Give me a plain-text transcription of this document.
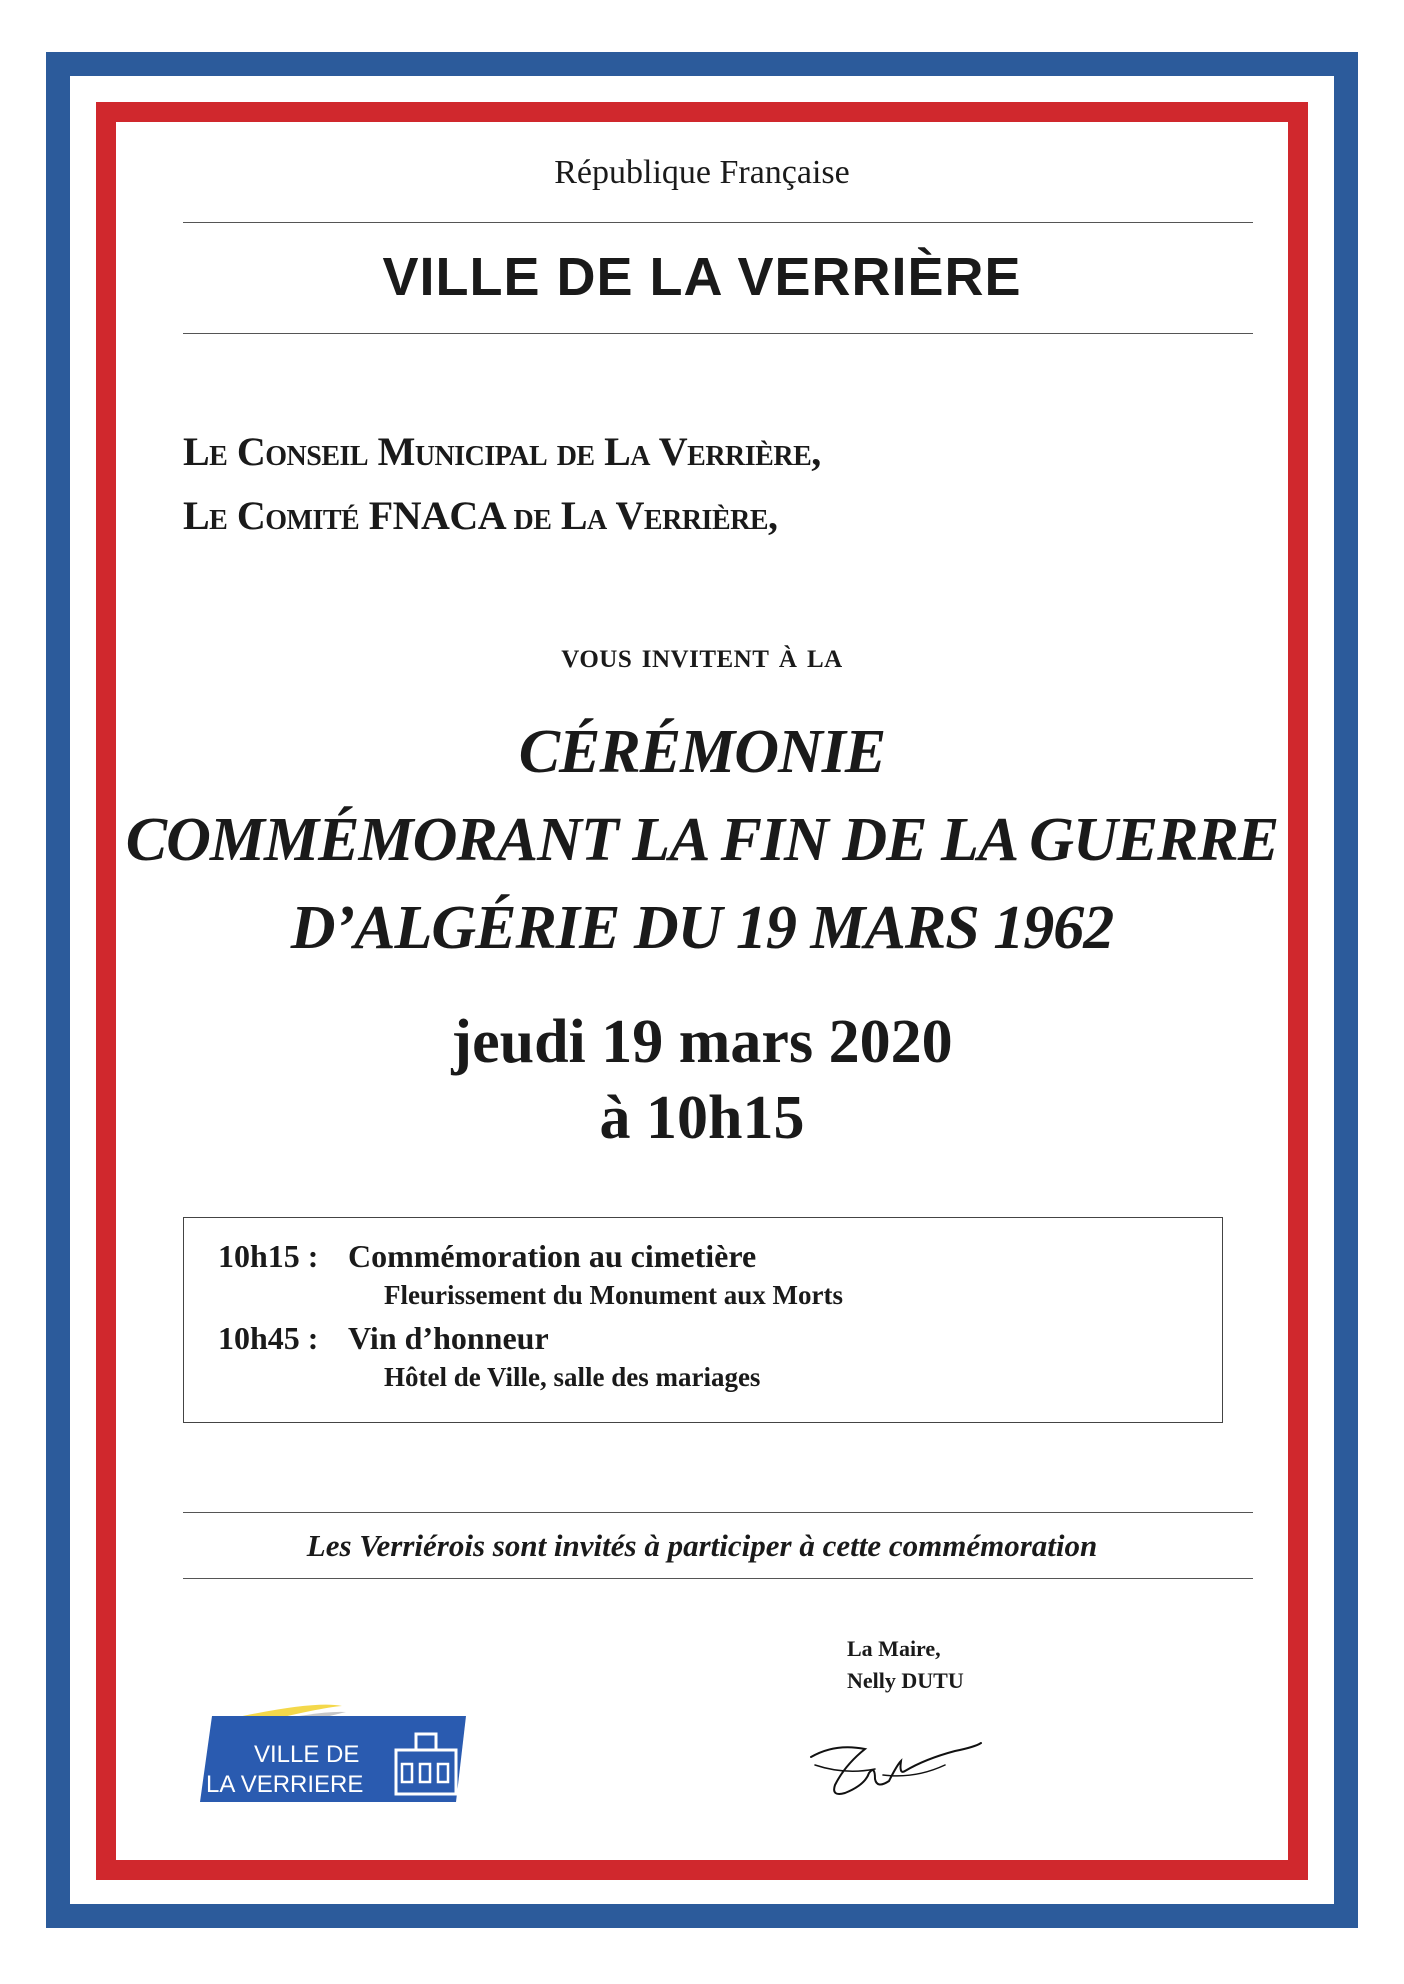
République Française
VILLE DE LA VERRIÈRE
Le Conseil Municipal de La Verrière,
Le Comité FNACA de La Verrière,
vous invitent à la
CÉRÉMONIE
COMMÉMORANT LA FIN DE LA GUERRE
D’ALGÉRIE DU 19 MARS 1962
jeudi 19 mars 2020
à 10h15
10h15 : Commémoration au cimetière
Fleurissement du Monument aux Morts
10h45 : Vin d’honneur
Hôtel de Ville, salle des mariages
Les Verriérois sont invités à participer à cette commémoration
La Maire,
Nelly DUTU
VILLE DE
LA VERRIERE
